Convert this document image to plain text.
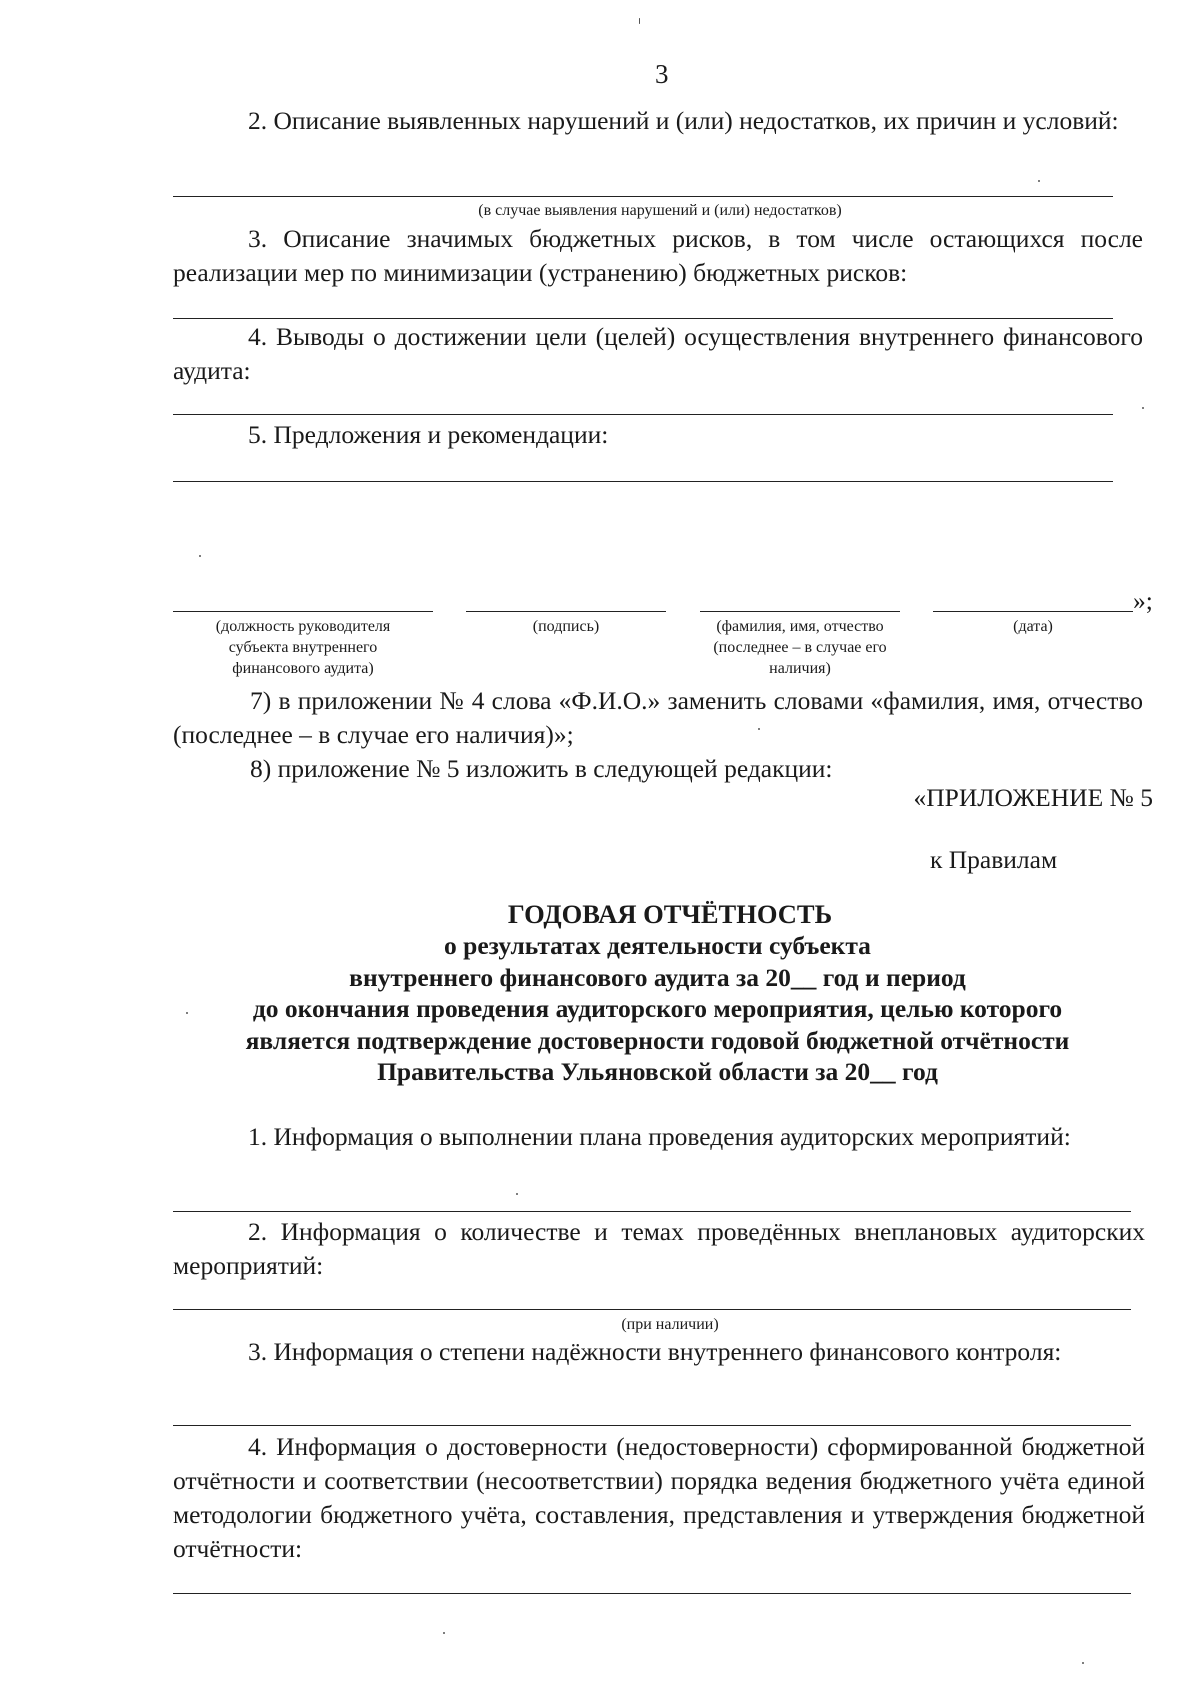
3

2. Описание выявленных нарушений и (или) недостатков, их причин и условий:

(в случае выявления нарушений и (или) недостатков)

3. Описание значимых бюджетных рисков, в том числе остающихся после реализации мер по минимизации (устранению) бюджетных рисков:

4. Выводы о достижении цели (целей) осуществления внутреннего финансового аудита:

5. Предложения и рекомендации:

»;

(должность руководителя субъекта внутреннего финансового аудита)

(подпись)	(фамилия, имя, отчество (последнее – в случае его наличия)

(дата)

7) в приложении № 4 слова «Ф.И.О.» заменить словами «фамилия, имя, отчество (последнее – в случае его наличия)»;

8) приложение № 5 изложить в следующей редакции:

«ПРИЛОЖЕНИЕ № 5

к Правилам

ГОДОВАЯ ОТЧЁТНОСТЬ

о результатах деятельности субъекта

внутреннего финансового аудита за 20__ год и период

до окончания проведения аудиторского мероприятия, целью которого

является подтверждение достоверности годовой бюджетной отчётности

Правительства Ульяновской области за 20__ год

1. Информация о выполнении плана проведения аудиторских мероприятий:

2. Информация о количестве и темах проведённых внеплановых аудиторских мероприятий:

(при наличии)

3. Информация о степени надёжности внутреннего финансового контроля:

4. Информация о достоверности (недостоверности) сформированной бюджетной отчётности и соответствии (несоответствии) порядка ведения бюджетного учёта единой методологии бюджетного учёта, составления, представления и утверждения бюджетной отчётности:
